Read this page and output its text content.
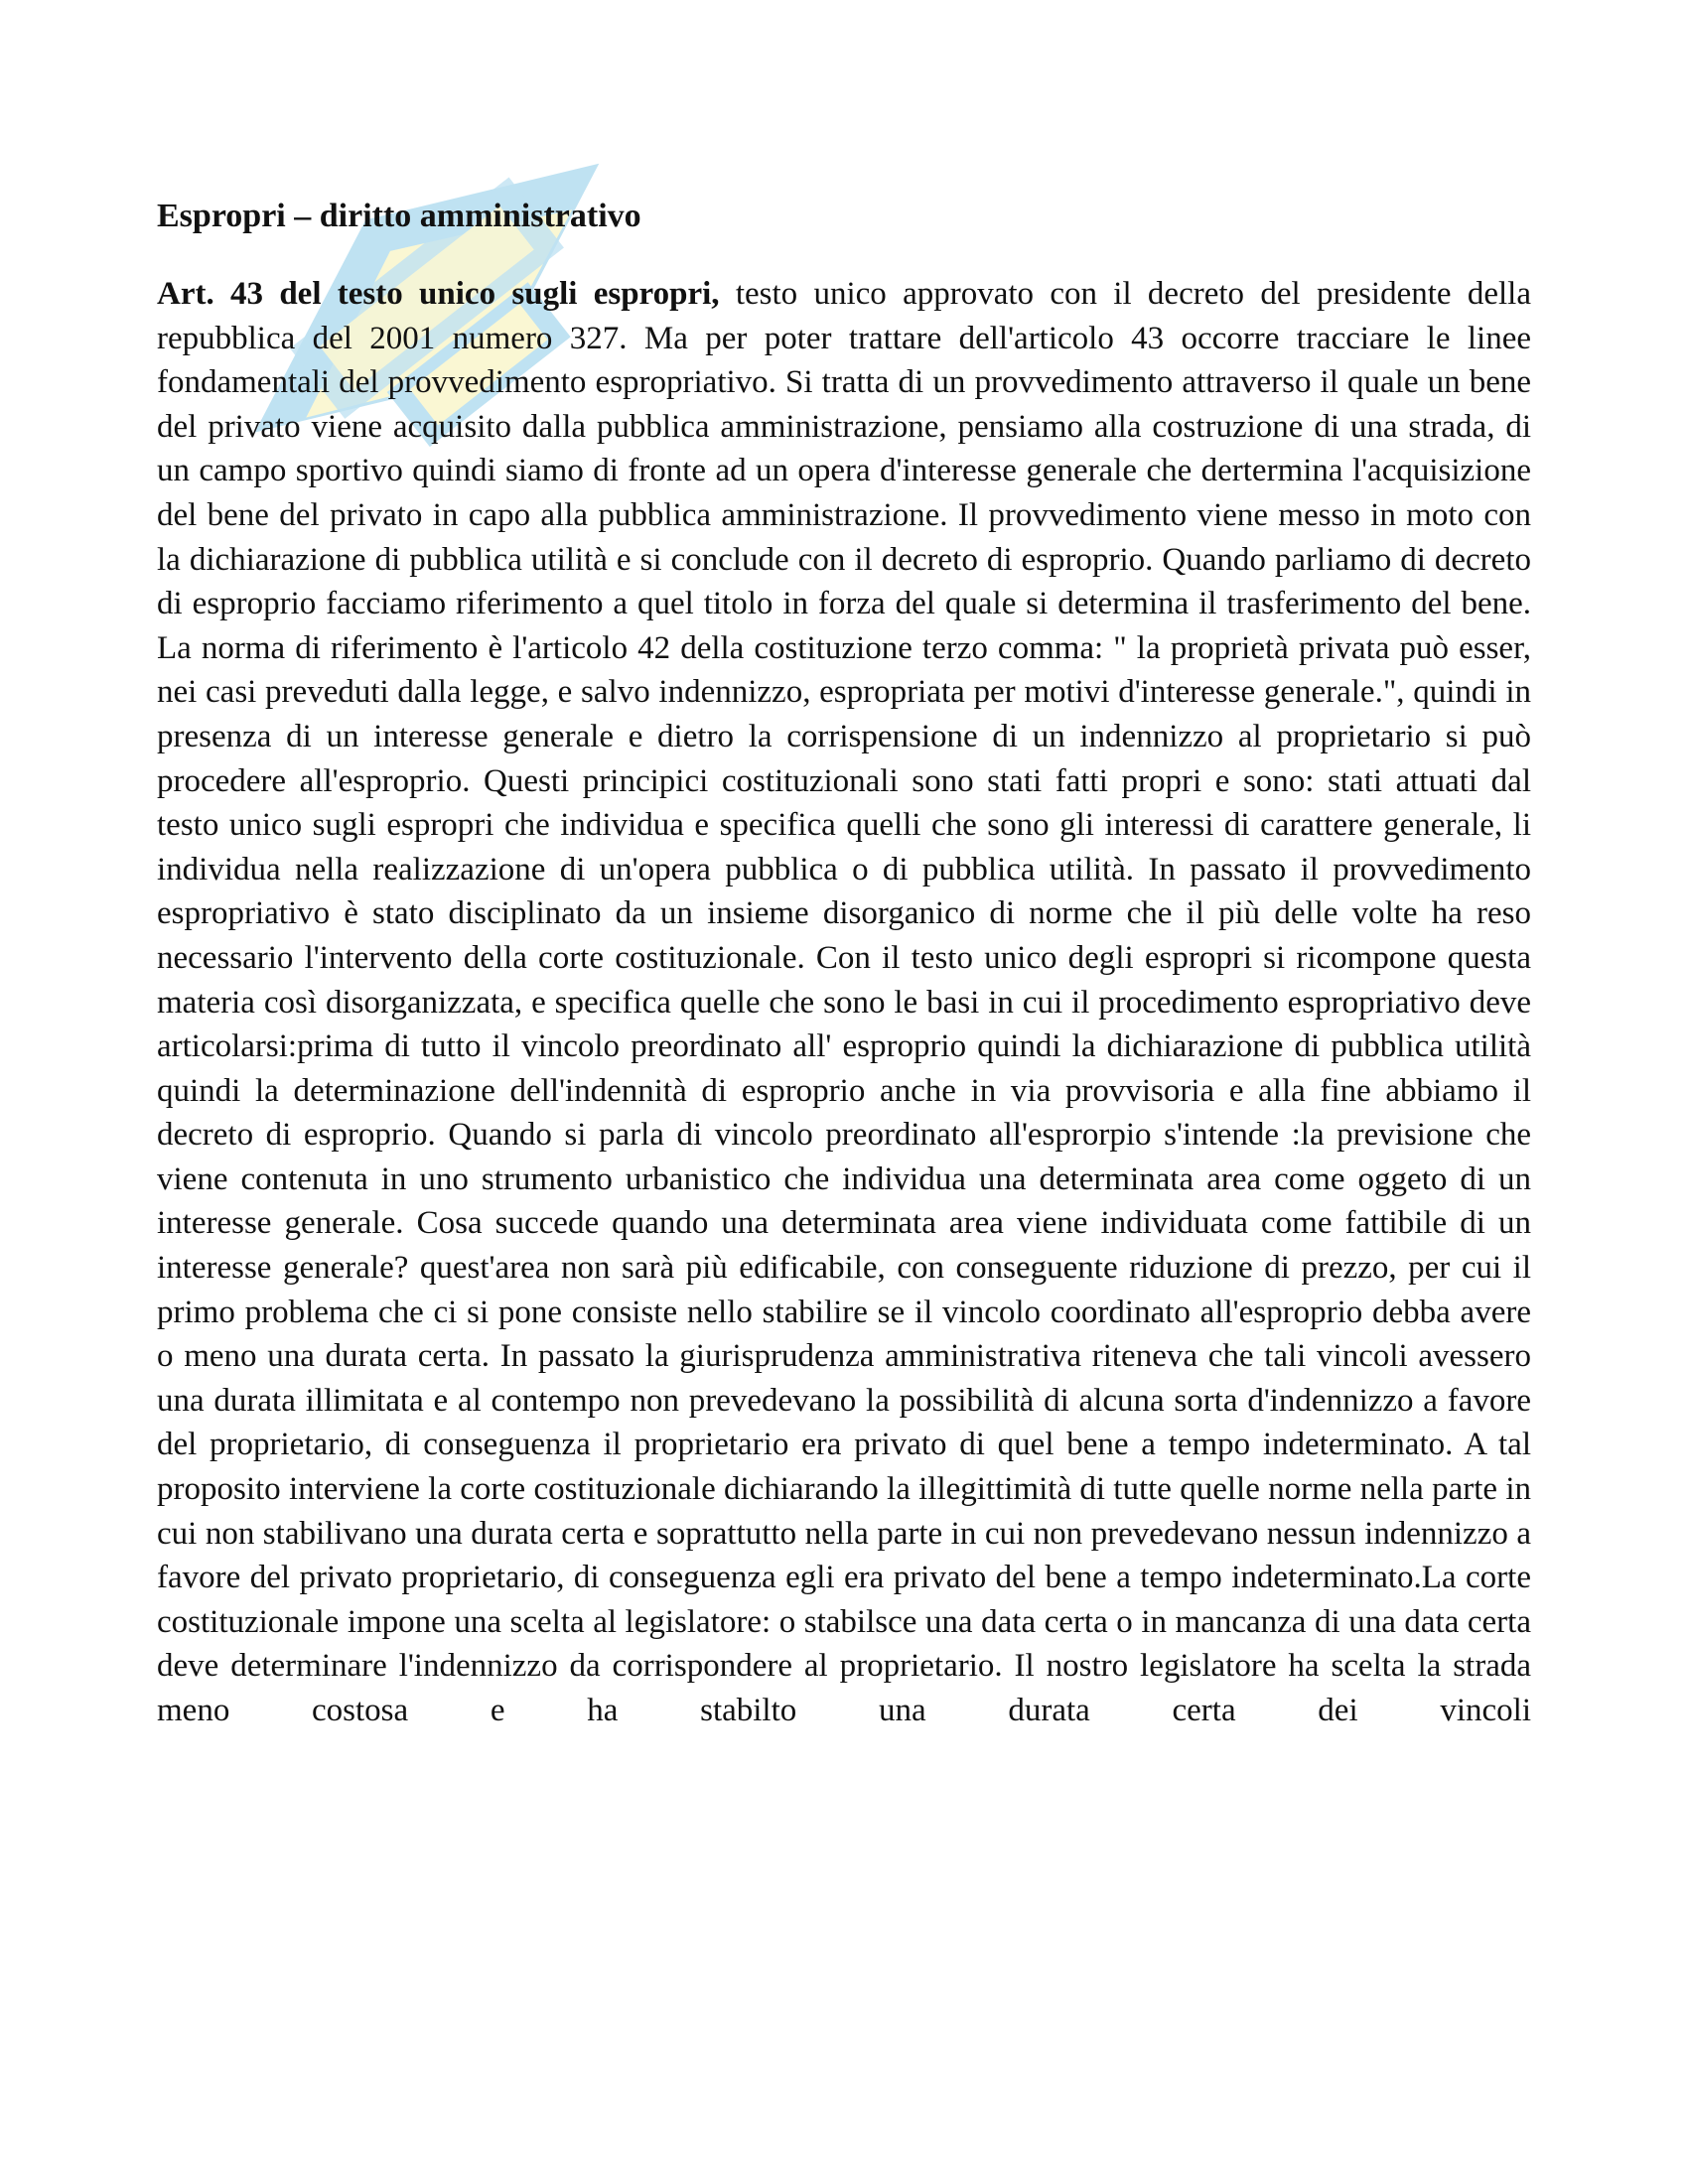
Espropri – diritto amministrativo

Art. 43 del testo unico sugli espropri, testo unico approvato con il decreto del presidente della repubblica del 2001 numero 327. Ma per poter trattare dell'articolo 43 occorre tracciare le linee fondamentali del provvedimento espropriativo. Si tratta di un provvedimento attraverso il quale un bene del privato viene acquisito dalla pubblica amministrazione, pensiamo alla costruzione di una strada, di un campo sportivo quindi siamo di fronte ad un opera d'interesse generale che dertermina l'acquisizione del bene del privato in capo alla pubblica amministrazione. Il provvedimento viene messo in moto con la dichiarazione di pubblica utilità e si conclude con il decreto di esproprio. Quando parliamo di decreto di esproprio facciamo riferimento a quel titolo in forza del quale si determina il trasferimento del bene. La norma di riferimento è l'articolo 42 della costituzione terzo comma: " la proprietà privata può esser, nei casi preveduti dalla legge, e salvo indennizzo, espropriata per motivi d'interesse generale.", quindi in presenza di un interesse generale e dietro la corrispensione di un indennizzo al proprietario si può procedere all'esproprio. Questi principici costituzionali sono stati fatti propri e sono: stati attuati dal testo unico sugli espropri che individua e specifica quelli che sono gli interessi di carattere generale, li individua nella realizzazione di un'opera pubblica o di pubblica utilità. In passato il provvedimento espropriativo è stato disciplinato da un insieme disorganico di norme che il più delle volte ha reso necessario l'intervento della corte costituzionale. Con il testo unico degli espropri si ricompone questa materia così disorganizzata, e specifica quelle che sono le basi in cui il procedimento espropriativo deve articolarsi:prima di tutto il vincolo preordinato all' esproprio quindi la dichiarazione di pubblica utilità quindi la determinazione dell'indennità di esproprio anche in via provvisoria e alla fine abbiamo il decreto di esproprio. Quando si parla di vincolo preordinato all'esprorpio s'intende :la previsione che viene contenuta in uno strumento urbanistico che individua una determinata area come oggeto di un interesse generale. Cosa succede quando una determinata area viene individuata come fattibile di un interesse generale? quest'area non sarà più edificabile, con conseguente riduzione di prezzo, per cui il primo problema che ci si pone consiste nello stabilire se il vincolo coordinato all'esproprio debba avere o meno una durata certa. In passato la giurisprudenza amministrativa riteneva che tali vincoli avessero una durata illimitata e al contempo non prevedevano la possibilità di alcuna sorta d'indennizzo a favore del proprietario, di conseguenza il proprietario era privato di quel bene a tempo indeterminato. A tal proposito interviene la corte costituzionale dichiarando la illegittimità di tutte quelle norme nella parte in cui non stabilivano una durata certa e soprattutto nella parte in cui non prevedevano nessun indennizzo a favore del privato proprietario, di conseguenza egli era privato del bene a tempo indeterminato.La corte costituzionale impone una scelta al legislatore: o stabilsce una data certa o in mancanza di una data certa deve determinare l'indennizzo da corrispondere al proprietario. Il nostro legislatore ha scelta la strada meno costosa e ha stabilto una durata certa dei vincoli
